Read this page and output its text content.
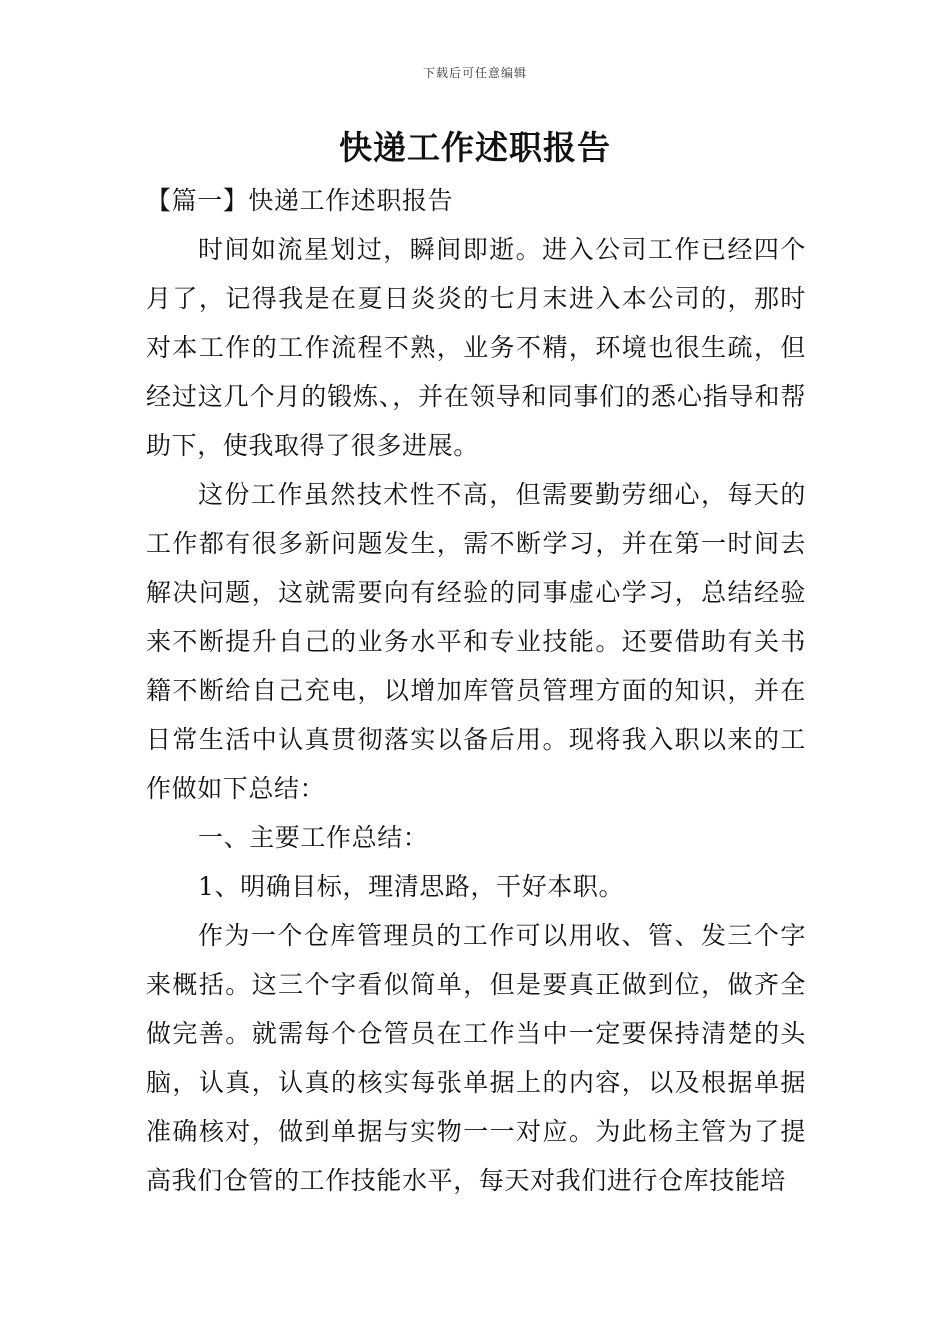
下载后可任意编辑
快递工作述职报告
【篇一】快递工作述职报告

时间如流星划过，瞬间即逝。进入公司工作已经四个月了，记得我是在夏日炎炎的七月末进入本公司的，那时对本工作的工作流程不熟，业务不精，环境也很生疏，但经过这几个月的锻炼、，并在领导和同事们的悉心指导和帮助下，使我取得了很多进展。

这份工作虽然技术性不高，但需要勤劳细心，每天的工作都有很多新问题发生，需不断学习，并在第一时间去解决问题，这就需要向有经验的同事虚心学习，总结经验来不断提升自己的业务水平和专业技能。还要借助有关书籍不断给自己充电，以增加库管员管理方面的知识，并在日常生活中认真贯彻落实以备后用。现将我入职以来的工作做如下总结：

一、主要工作总结：

1、明确目标，理清思路，干好本职。

作为一个仓库管理员的工作可以用收、管、发三个字来概括。这三个字看似简单，但是要真正做到位，做齐全做完善。就需每个仓管员在工作当中一定要保持清楚的头脑，认真，认真的核实每张单据上的内容，以及根据单据准确核对，做到单据与实物一一对应。为此杨主管为了提高我们仓管的工作技能水平，每天对我们进行仓库技能培
